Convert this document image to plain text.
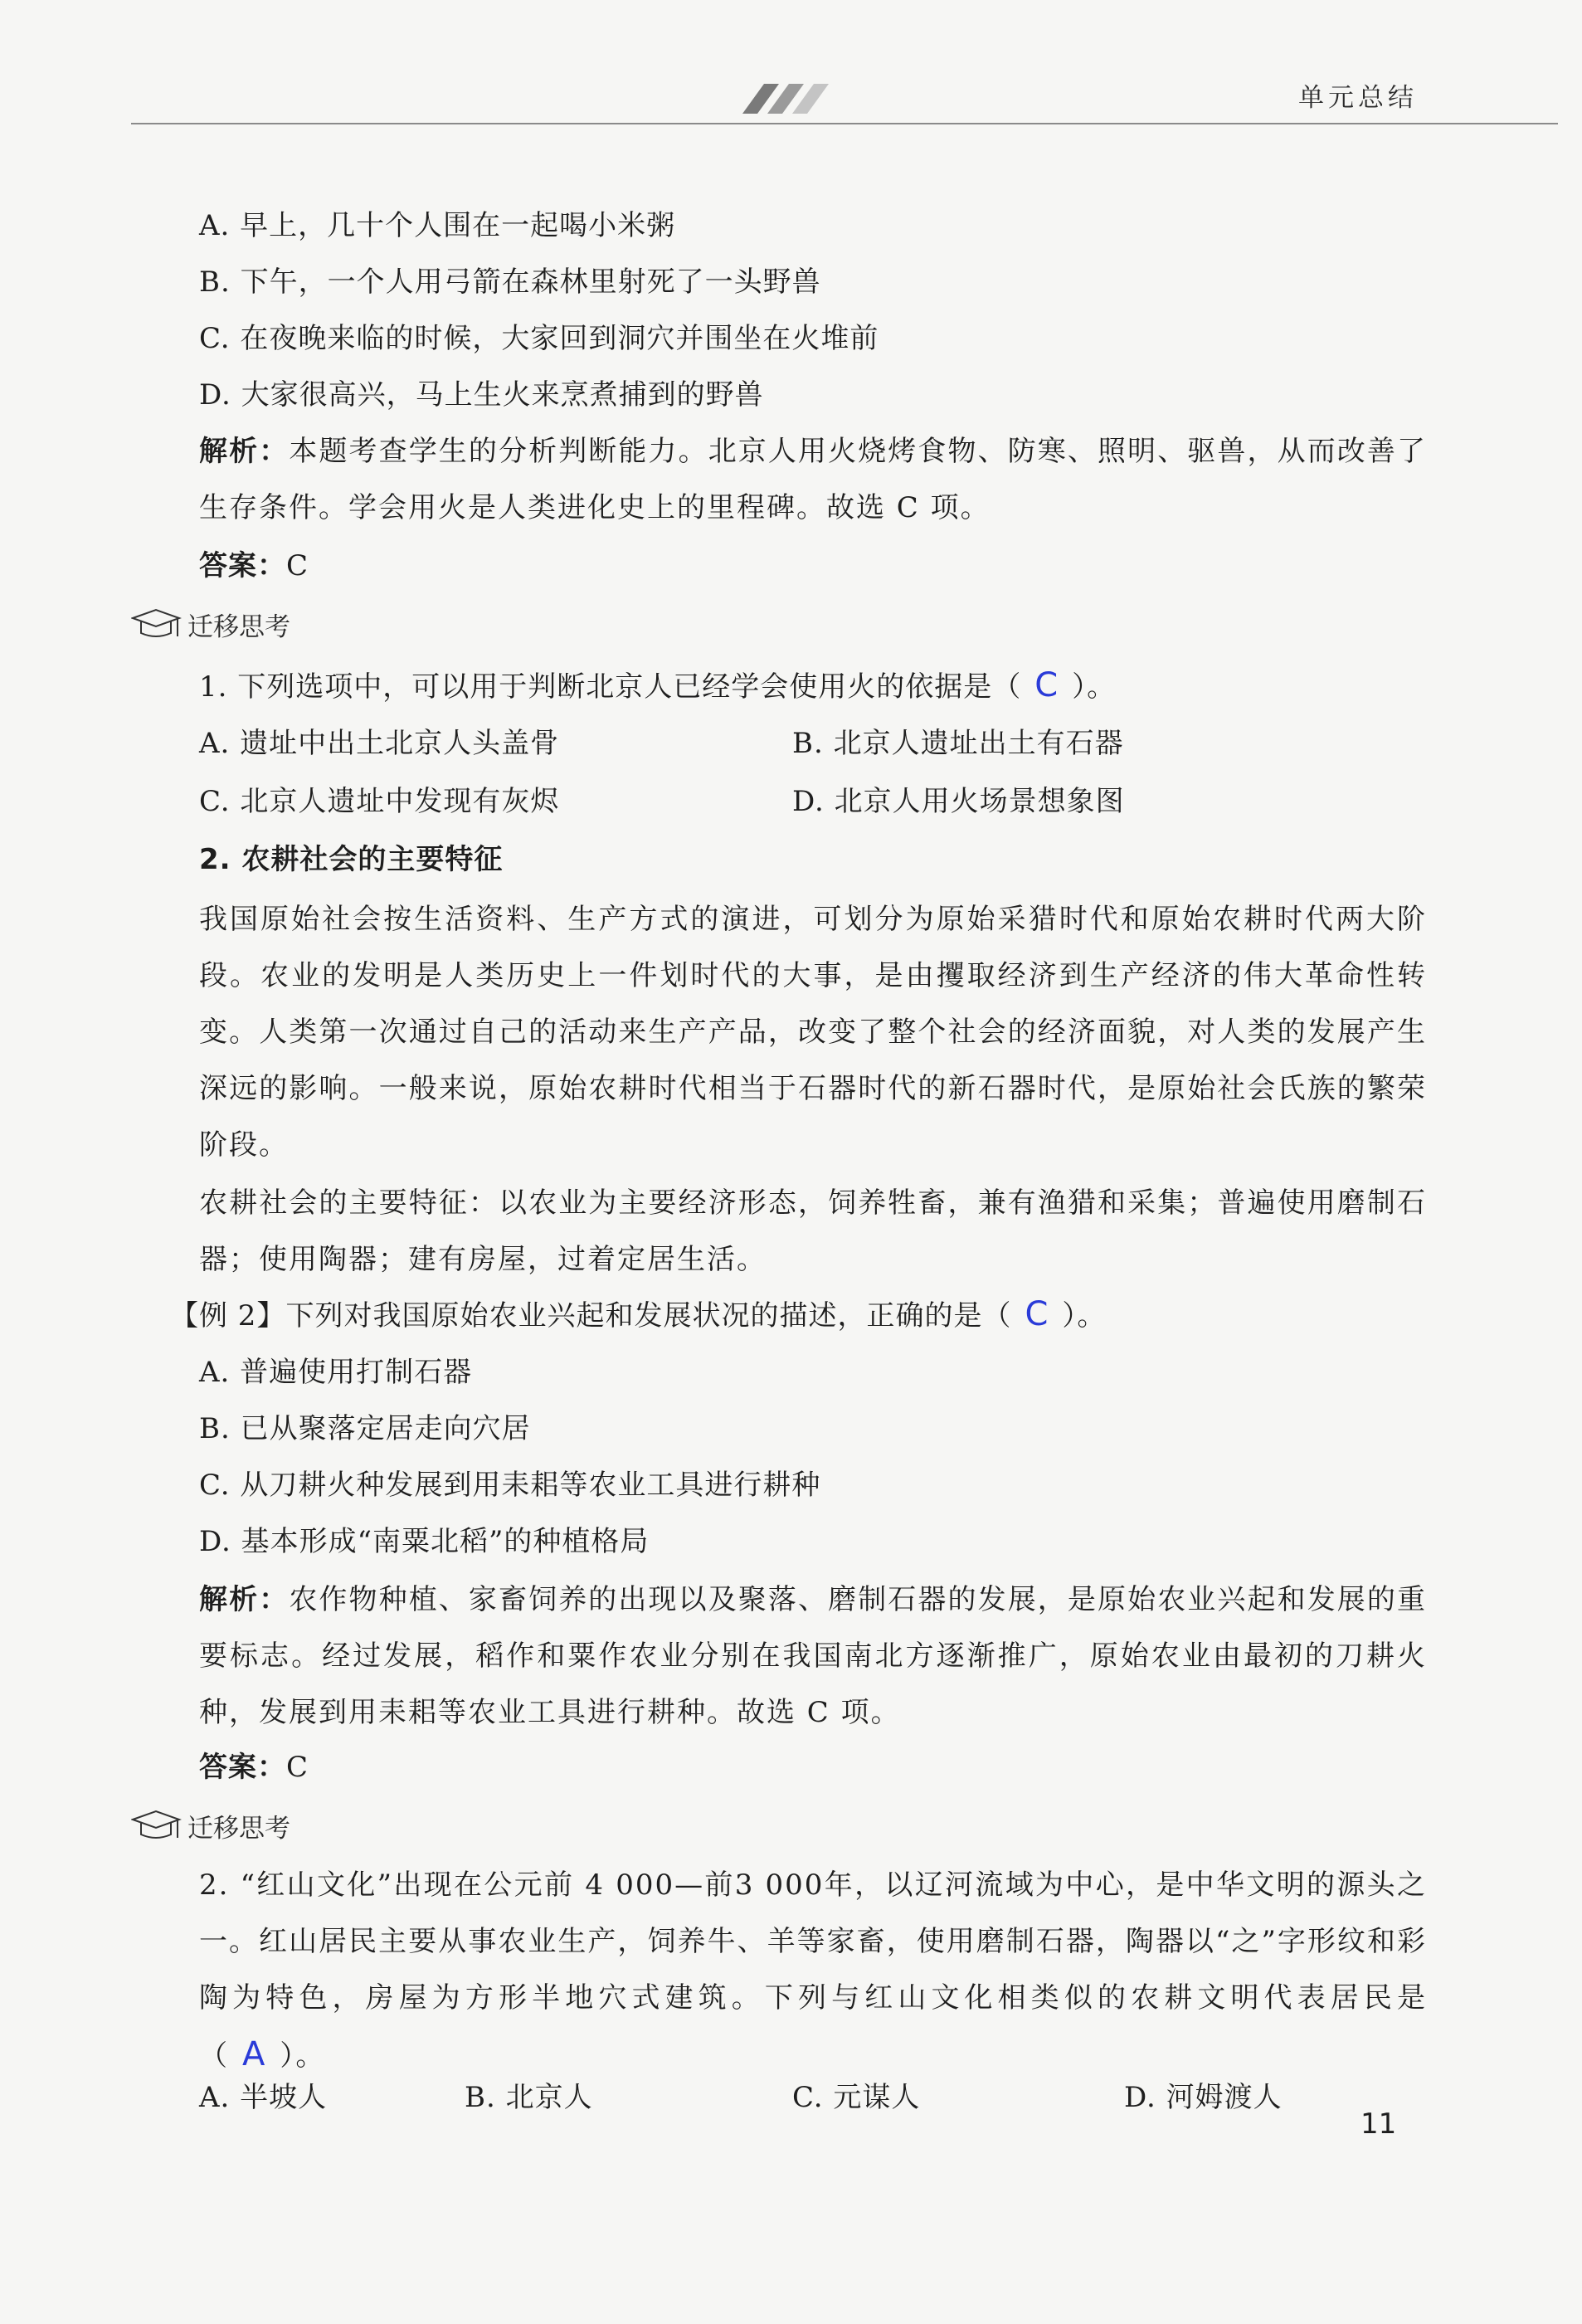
单元总结
A. 早上，几十个人围在一起喝小米粥
B. 下午，一个人用弓箭在森林里射死了一头野兽
C. 在夜晚来临的时候，大家回到洞穴并围坐在火堆前
D. 大家很高兴，马上生火来烹煮捕到的野兽
解析：本题考查学生的分析判断能力。北京人用火烧烤食物、防寒、照明、驱兽，从而改善了生存条件。学会用火是人类进化史上的里程碑。故选 C 项。
答案：C
迁移思考
1. 下列选项中，可以用于判断北京人已经学会使用火的依据是（ C ）。
A. 遗址中出土北京人头盖骨	B. 北京人遗址出土有石器
C. 北京人遗址中发现有灰烬	D. 北京人用火场景想象图
2. 农耕社会的主要特征
我国原始社会按生活资料、生产方式的演进，可划分为原始采猎时代和原始农耕时代两大阶段。农业的发明是人类历史上一件划时代的大事，是由攫取经济到生产经济的伟大革命性转变。人类第一次通过自己的活动来生产产品，改变了整个社会的经济面貌，对人类的发展产生深远的影响。一般来说，原始农耕时代相当于石器时代的新石器时代，是原始社会氏族的繁荣阶段。
农耕社会的主要特征：以农业为主要经济形态，饲养牲畜，兼有渔猎和采集；普遍使用磨制石器；使用陶器；建有房屋，过着定居生活。
【例 2】下列对我国原始农业兴起和发展状况的描述，正确的是（ C ）。
A. 普遍使用打制石器
B. 已从聚落定居走向穴居
C. 从刀耕火种发展到用耒耜等农业工具进行耕种
D. 基本形成“南粟北稻”的种植格局
解析：农作物种植、家畜饲养的出现以及聚落、磨制石器的发展，是原始农业兴起和发展的重要标志。经过发展，稻作和粟作农业分别在我国南北方逐渐推广，原始农业由最初的刀耕火种，发展到用耒耜等农业工具进行耕种。故选 C 项。
答案：C
迁移思考
2. “红山文化”出现在公元前 4 000—前3 000年，以辽河流域为中心，是中华文明的源头之一。红山居民主要从事农业生产，饲养牛、羊等家畜，使用磨制石器，陶器以“之”字形纹和彩陶为特色，房屋为方形半地穴式建筑。下列与红山文化相类似的农耕文明代表居民是（ A ）。
A. 半坡人	B. 北京人	C. 元谋人	D. 河姆渡人
11
